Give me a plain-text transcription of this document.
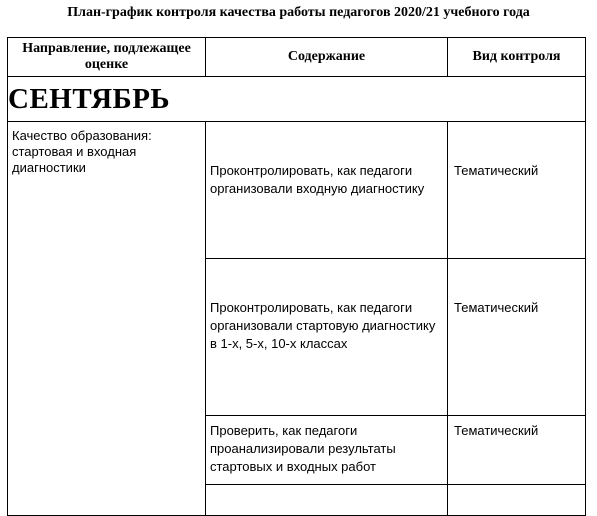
План-график контроля качества работы педагогов 2020/21 учебного года
Направление, подлежащее оценке	Содержание	Вид контроля
СЕНТЯБРЬ		
Качество образования: стартовая и входная диагностики	Проконтролировать, как педагоги организовали входную диагностику	Тематический
	Проконтролировать, как педагоги организовали стартовую диагностику в 1-х, 5-х, 10-х классах	Тематический
	Проверить, как педагоги проанализировали результаты стартовых и входных работ	Тематический
